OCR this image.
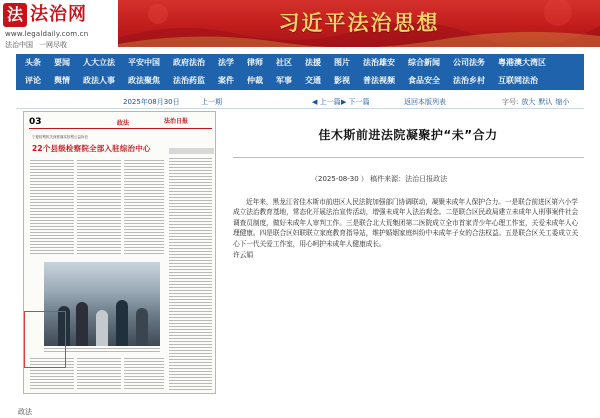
法 法治网
www.legaldaily.com.cn
法治中国 一网尽收
习近平法治思想
头条 要闻 人大立法 平安中国 政府法治 法学 律师 社区 法援 图片 法治雄安 综合新闻 公司法务 粤港澳大湾区
评论 舆情 政法人事 政法聚焦 法治药监 案件 仲裁 军事 交通 影视 普法视频 食品安全 法治乡村 互联网法治
2025年08月30日	上一期	◀ 上一篇 ▶ 下一篇	返回本版列表	字号: 放大 默认 缩小
03	政法	法治日报
宁夏检察机关深度落实检察公益诉讼
22个县级检察院全部入驻综治中心
佳木斯前进法院凝聚护“未”合力
（2025-08-30 ） 稿件来源：法治日报政法
近年来，黑龙江省佳木斯市前进区人民法院加强部门协调联动，凝聚未成年人保护合力。一是联合前进区第六小学成立法治教育基地，常态化开展法治宣传活动，增强未成年人法治观念。二是联合区民政局建立未成年人刑事案件社会调查员制度，做好未成年人审判工作。三是联合北大荒集团第二医院成立全市首家青少年心理工作室，关爱未成年人心理健康。四是联合区妇联联立家庭教育指导站，维护婚姻家庭纠纷中未成年子女的合法权益。五是联合区关工委成立关心下一代关爱工作室，用心呵护未成年人健康成长。
许云娟
政法
